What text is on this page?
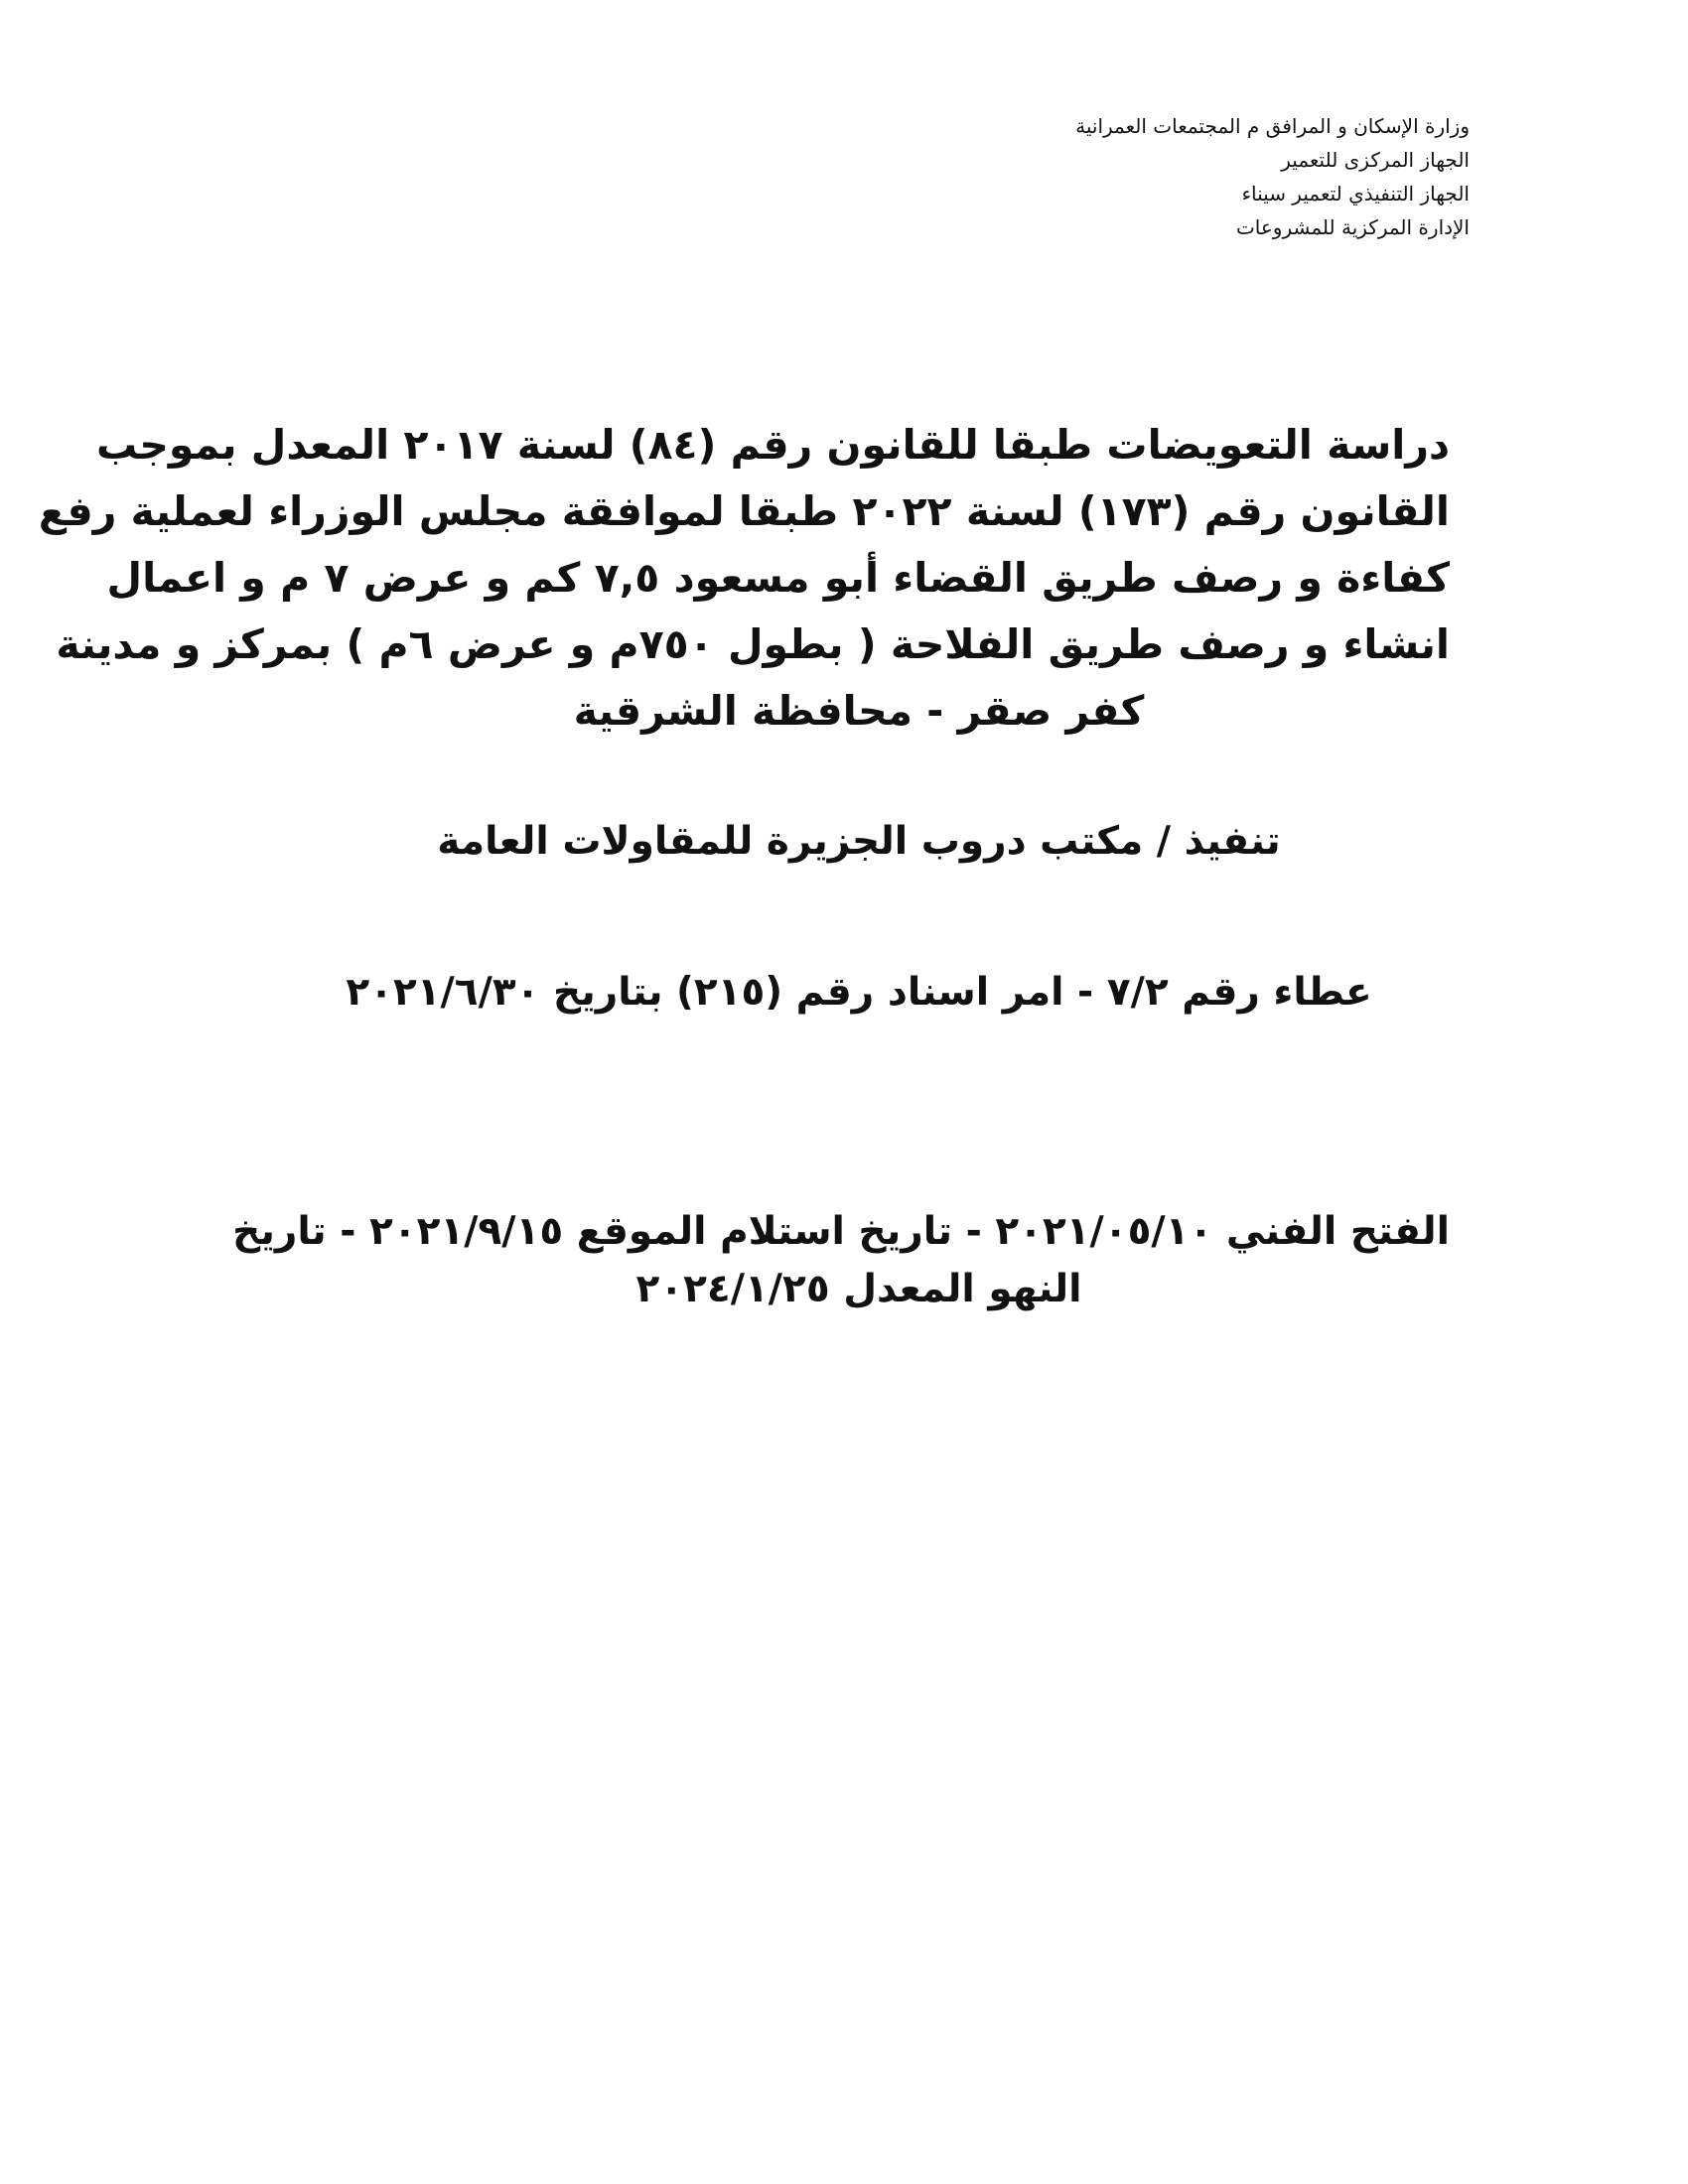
وزارة الإسكان و المرافق م المجتمعات العمرانية
الجهاز المركزى للتعمير
الجهاز التنفيذي لتعمير سيناء
الإدارة المركزية للمشروعات
دراسة التعويضات طبقا للقانون رقم (٨٤) لسنة ٢٠١٧ المعدل بموجب
القانون رقم (١٧٣) لسنة ٢٠٢٢ طبقا لموافقة مجلس الوزراء لعملية رفع
كفاءة و رصف طريق القضاء أبو مسعود ٧,٥ كم و عرض ٧ م و اعمال
انشاء و رصف طريق الفلاحة ( بطول ٧٥٠م و عرض ٦م ) بمركز و مدينة
كفر صقر - محافظة الشرقية
تنفيذ / مكتب دروب الجزيرة للمقاولات العامة
عطاء رقم ٧/٢ - امر اسناد رقم (٢١٥) بتاريخ ٢٠٢١/٦/٣٠
الفتح الفني ٢٠٢١/٠٥/١٠ - تاريخ استلام الموقع ٢٠٢١/٩/١٥ - تاريخ
النهو المعدل ٢٠٢٤/١/٢٥
